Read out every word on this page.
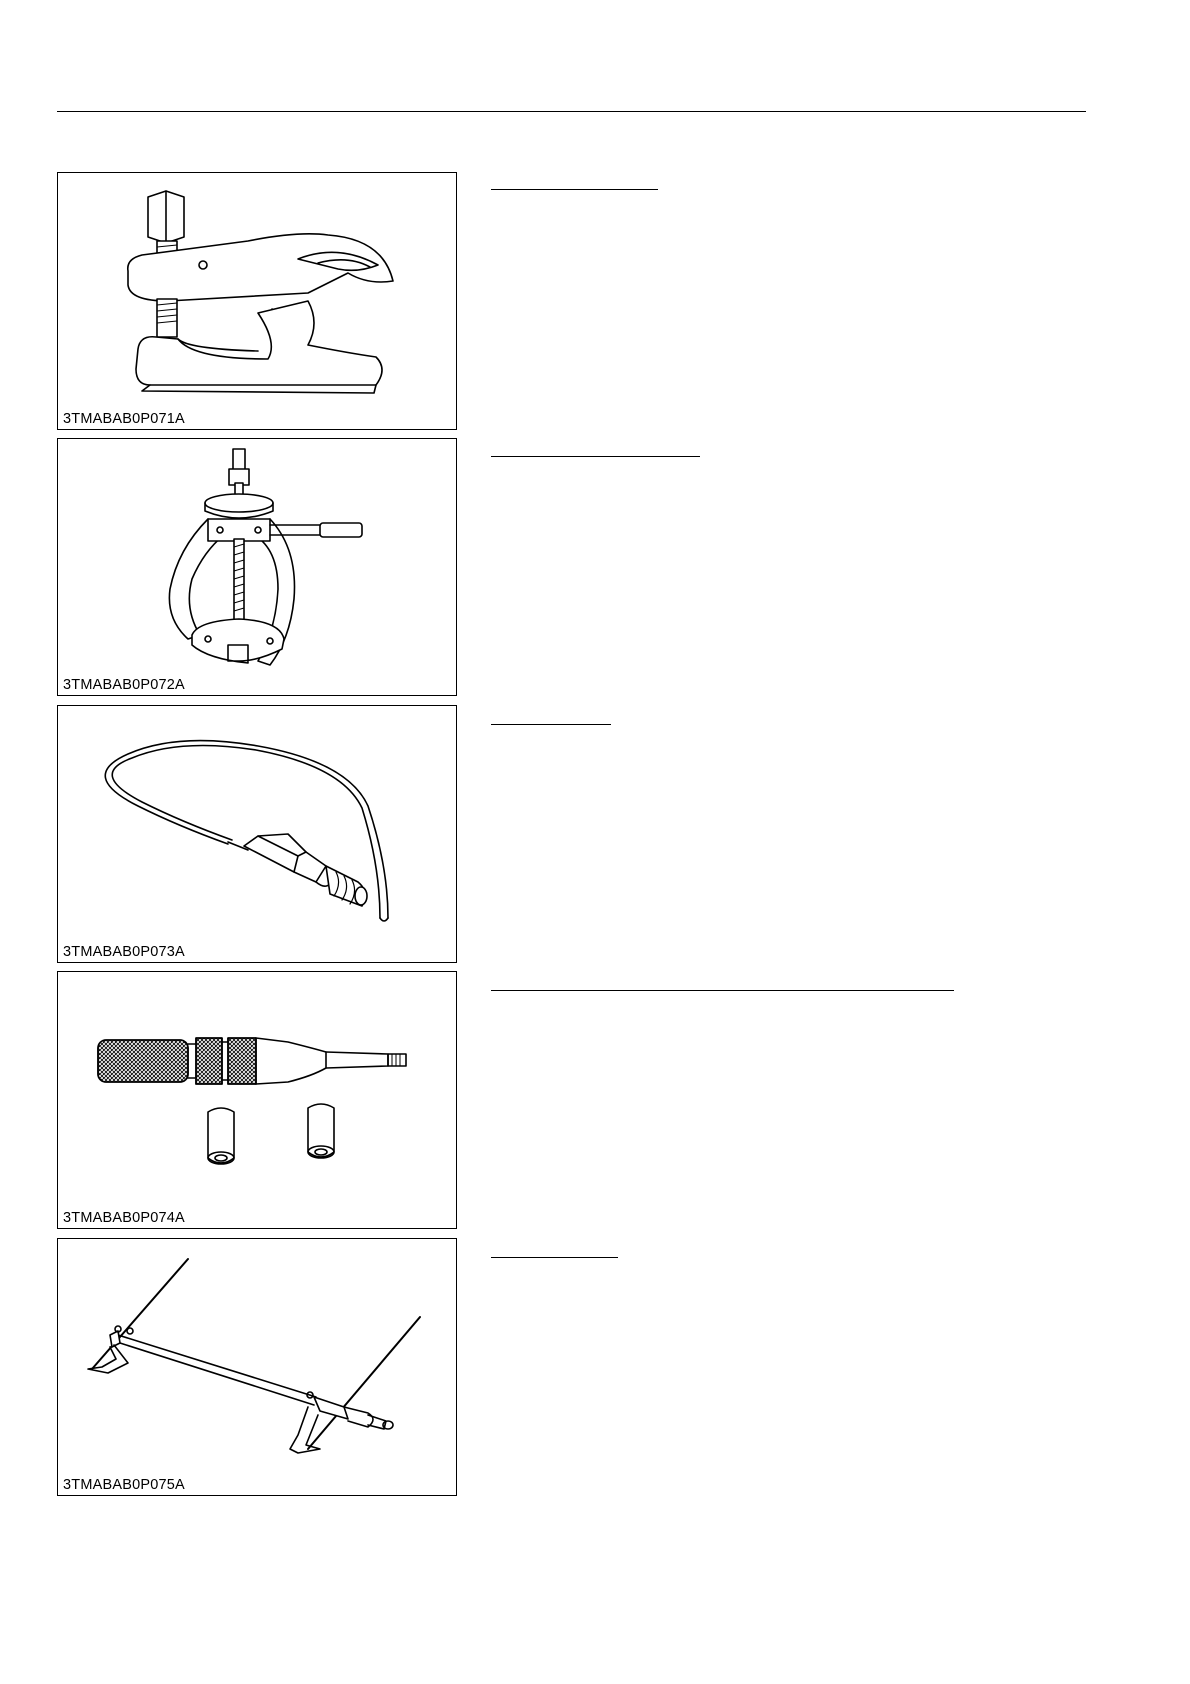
3TMABAB0P071A
3TMABAB0P072A
3TMABAB0P073A
3TMABAB0P074A
3TMABAB0P075A
